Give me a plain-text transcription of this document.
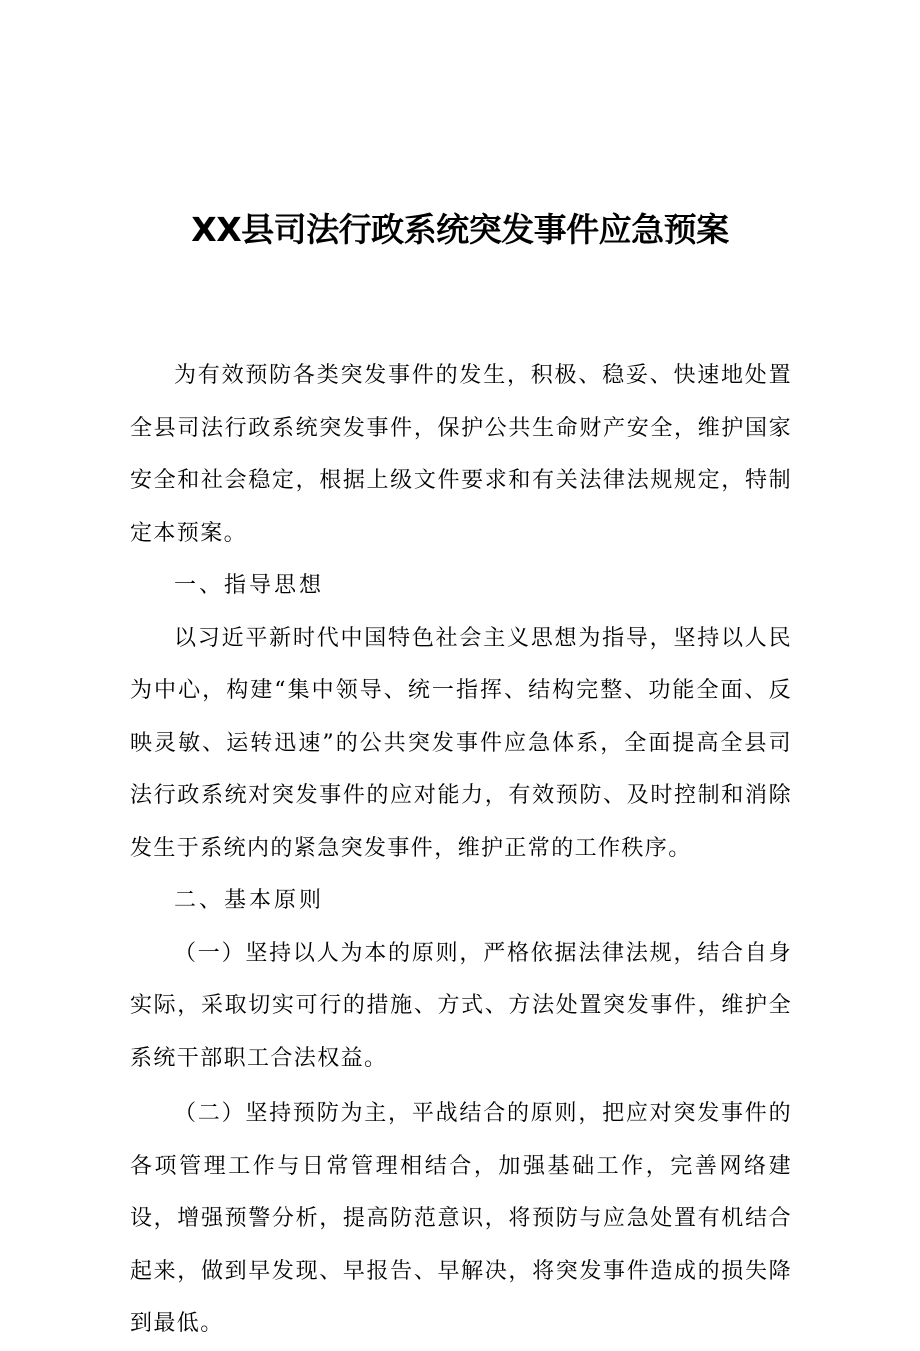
XX县司法行政系统突发事件应急预案

为有效预防各类突发事件的发生，积极、稳妥、快速地处置全县司法行政系统突发事件，保护公共生命财产安全，维护国家安全和社会稳定，根据上级文件要求和有关法律法规规定，特制定本预案。

一、指导思想

以习近平新时代中国特色社会主义思想为指导，坚持以人民为中心，构建“集中领导、统一指挥、结构完整、功能全面、反映灵敏、运转迅速”的公共突发事件应急体系，全面提高全县司法行政系统对突发事件的应对能力，有效预防、及时控制和消除发生于系统内的紧急突发事件，维护正常的工作秩序。

二、基本原则

（一）坚持以人为本的原则，严格依据法律法规，结合自身实际，采取切实可行的措施、方式、方法处置突发事件，维护全系统干部职工合法权益。

（二）坚持预防为主，平战结合的原则，把应对突发事件的各项管理工作与日常管理相结合，加强基础工作，完善网络建设，增强预警分析，提高防范意识，将预防与应急处置有机结合起来，做到早发现、早报告、早解决，将突发事件造成的损失降到最低。
